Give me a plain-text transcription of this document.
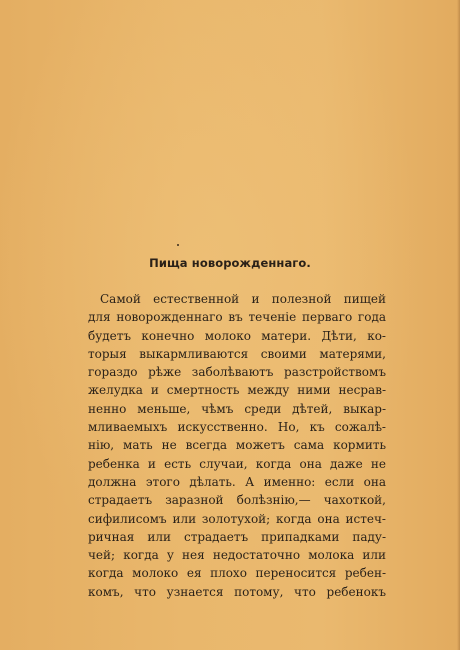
Пища новорожденнаго.
Самой естественной и полезной пищей
для новорожденнаго въ теченіе перваго года
будетъ конечно молоко матери. Дѣти, ко-
торыя выкармливаются своими матерями,
гораздо рѣже заболѣваютъ разстройствомъ
желудка и смертность между ними несрав-
ненно меньше, чѣмъ среди дѣтей, выкар-
мливаемыхъ искусственно. Но, къ сожалѣ-
нію, мать не всегда можетъ сама кормить
ребенка и есть случаи, когда она даже не
должна этого дѣлать. А именно: если она
страдаетъ заразной болѣзнію,— чахоткой,
сифилисомъ или золотухой; когда она истеч-
ричная или страдаетъ припадками паду-
чей; когда у нея недостаточно молока или
когда молоко ея плохо переносится ребен-
комъ, что узнается потому, что ребенокъ
